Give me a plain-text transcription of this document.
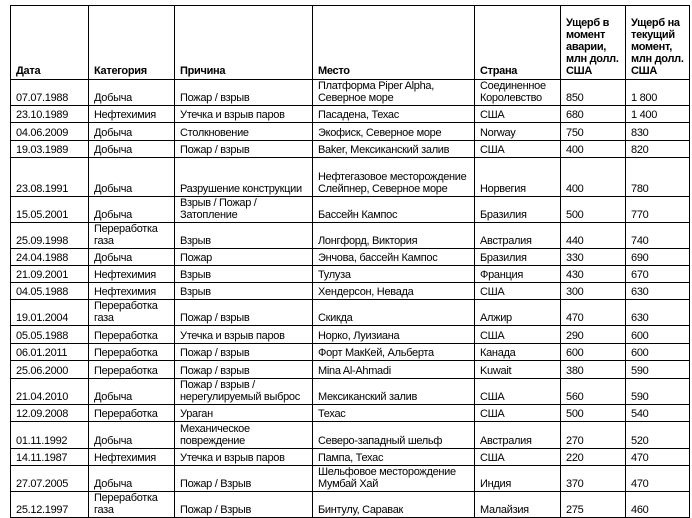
Дата	Категория	Причина	Место	Страна	Ущерб в момент аварии, млн долл. США	Ущерб на текущий момент, млн долл. США
07.07.1988	Добыча	Пожар / взрыв	Платформа Piper Alpha, Северное море	Соединенное Королевство	850	1 800
23.10.1989	Нефтехимия	Утечка и взрыв паров	Пасадена, Техас	США	680	1 400
04.06.2009	Добыча	Столкновение	Экофиск, Северное море	Norway	750	830
19.03.1989	Добыча	Пожар / взрыв	Baker, Мексиканский залив	США	400	820
23.08.1991	Добыча	Разрушение конструкции	Нефтегазовое месторождение Слейпнер, Северное море	Норвегия	400	780
15.05.2001	Добыча	Взрыв / Пожар / Затопление	Бассейн Кампос	Бразилия	500	770
25.09.1998	Переработка газа	Взрыв	Лонгфорд, Виктория	Австралия	440	740
24.04.1988	Добыча	Пожар	Энчова, бассейн Кампос	Бразилия	330	690
21.09.2001	Нефтехимия	Взрыв	Тулуза	Франция	430	670
04.05.1988	Нефтехимия	Взрыв	Хендерсон, Невада	США	300	630
19.01.2004	Переработка газа	Пожар / взрыв	Скикда	Алжир	470	630
05.05.1988	Переработка	Утечка и взрыв паров	Норко, Луизиана	США	290	600
06.01.2011	Переработка	Пожар / взрыв	Форт МакКей, Альберта	Канада	600	600
25.06.2000	Переработка	Пожар / взрыв	Mina Al-Ahmadi	Kuwait	380	590
21.04.2010	Добыча	Пожар / взрыв / нерегулируемый выброс	Мексиканский залив	США	560	590
12.09.2008	Переработка	Ураган	Техас	США	500	540
01.11.1992	Добыча	Механическое повреждение	Северо-западный шельф	Австралия	270	520
14.11.1987	Нефтехимия	Утечка и взрыв паров	Пампа, Техас	США	220	470
27.07.2005	Добыча	Пожар / Взрыв	Шельфовое месторождение Мумбай Хай	Индия	370	470
25.12.1997	Переработка газа	Пожар / Взрыв	Бинтулу, Саравак	Малайзия	275	460
